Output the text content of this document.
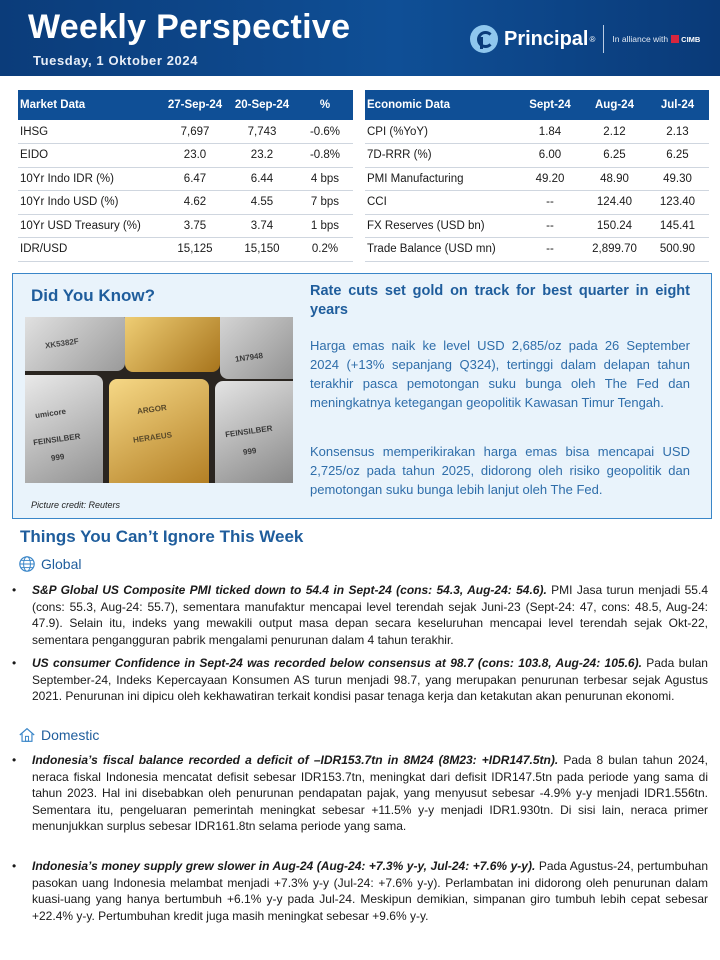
Weekly Perspective
Tuesday, 1 Oktober 2024
Principal ® In alliance with CIMB
Market Data	27-Sep-24	20-Sep-24	%
IHSG	7,697	7,743	-0.6%
EIDO	23.0	23.2	-0.8%
10Yr Indo IDR (%)	6.47	6.44	4 bps
10Yr Indo USD (%)	4.62	4.55	7 bps
10Yr USD Treasury (%)	3.75	3.74	1 bps
IDR/USD	15,125	15,150	0.2%
Economic Data	Sept-24	Aug-24	Jul-24
CPI (%YoY)	1.84	2.12	2.13
7D-RRR (%)	6.00	6.25	6.25
PMI Manufacturing	49.20	48.90	49.30
CCI	--	124.40	123.40
FX Reserves (USD bn)	--	150.24	145.41
Trade Balance (USD mn)	--	2,899.70	500.90
Did You Know?
XK5382F
umicore
FEINSILBER
999
ARGOR
HERAEUS	FEINSILBER
999
1N7948
Picture credit: Reuters
Rate cuts set gold on track for best quarter in eight years
Harga emas naik ke level USD 2,685/oz pada 26 September 2024 (+13% sepanjang Q324), tertinggi dalam delapan tahun terakhir pasca pemotongan suku bunga oleh The Fed dan meningkatnya ketegangan geopolitik Kawasan Timur Tengah.
Konsensus memperikirakan harga emas bisa mencapai USD 2,725/oz pada tahun 2025, didorong oleh risiko geopolitik dan pemotongan suku bunga lebih lanjut oleh The Fed.
Things You Can’t Ignore This Week
Global
• S&P Global US Composite PMI ticked down to 54.4 in Sept-24 (cons: 54.3, Aug-24: 54.6). PMI Jasa turun menjadi 55.4 (cons: 55.3, Aug-24: 55.7), sementara manufaktur mencapai level terendah sejak Juni-23 (Sept-24: 47, cons: 48.5, Aug-24: 47.9). Selain itu, indeks yang mewakili output masa depan secara keseluruhan mencapai level terendah sejak Okt-22, sementara pengangguran pabrik mengalami penurunan dalam 4 tahun terakhir.
• US consumer Confidence in Sept-24 was recorded below consensus at 98.7 (cons: 103.8, Aug-24: 105.6). Pada bulan September-24, Indeks Kepercayaan Konsumen AS turun menjadi 98.7, yang merupakan penurunan terbesar sejak Agustus 2021. Penurunan ini dipicu oleh kekhawatiran terkait kondisi pasar tenaga kerja dan ketakutan akan penurunan ekonomi.
Domestic
• Indonesia’s fiscal balance recorded a deficit of –IDR153.7tn in 8M24 (8M23: +IDR147.5tn). Pada 8 bulan tahun 2024, neraca fiskal Indonesia mencatat defisit sebesar IDR153.7tn, meningkat dari defisit IDR147.5tn pada periode yang sama di tahun 2023. Hal ini disebabkan oleh penurunan pendapatan pajak, yang menyusut sebesar -4.9% y-y menjadi IDR1.556tn. Sementara itu, pengeluaran pemerintah meningkat sebesar +11.5% y-y menjadi IDR1.930tn. Di sisi lain, neraca primer menunjukkan surplus sebesar IDR161.8tn selama periode yang sama.
• Indonesia’s money supply grew slower in Aug-24 (Aug-24: +7.3% y-y, Jul-24: +7.6% y-y). Pada Agustus-24, pertumbuhan pasokan uang Indonesia melambat menjadi +7.3% y-y (Jul-24: +7.6% y-y). Perlambatan ini didorong oleh penurunan dalam kuasi-uang yang hanya bertumbuh +6.1% y-y pada Jul-24. Meskipun demikian, simpanan giro tumbuh lebih cepat sebesar +22.4% y-y. Pertumbuhan kredit juga masih meningkat sebesar +9.6% y-y.
